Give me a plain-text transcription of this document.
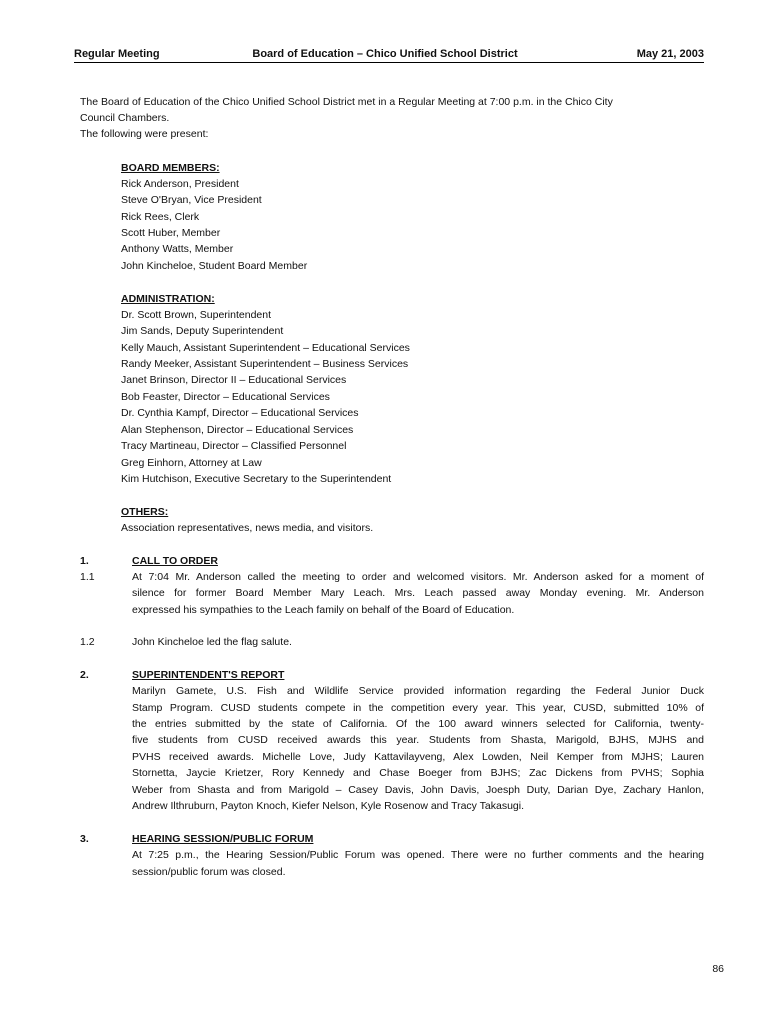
Regular Meeting	Board of Education – Chico Unified School District	May 21, 2003
The Board of Education of the Chico Unified School District met in a Regular Meeting at 7:00 p.m. in the Chico City
Council Chambers.
The following were present:
BOARD MEMBERS:
Rick Anderson, President
Steve O'Bryan, Vice President
Rick Rees, Clerk
Scott Huber, Member
Anthony Watts, Member
John Kincheloe, Student Board Member
ADMINISTRATION:
Dr. Scott Brown, Superintendent
Jim Sands, Deputy Superintendent
Kelly Mauch, Assistant Superintendent – Educational Services
Randy Meeker, Assistant Superintendent – Business Services
Janet Brinson, Director II – Educational Services
Bob Feaster, Director – Educational Services
Dr. Cynthia Kampf, Director – Educational Services
Alan Stephenson, Director – Educational Services
Tracy Martineau, Director – Classified Personnel
Greg Einhorn, Attorney at Law
Kim Hutchison, Executive Secretary to the Superintendent
OTHERS:
Association representatives, news media, and visitors.
1.	CALL TO ORDER
1.1	At 7:04 Mr. Anderson called the meeting to order and welcomed visitors. Mr. Anderson asked for a moment of
silence for former Board Member Mary Leach. Mrs. Leach passed away Monday evening. Mr. Anderson
expressed his sympathies to the Leach family on behalf of the Board of Education.
1.2	John Kincheloe led the flag salute.
2.	SUPERINTENDENT'S REPORT
Marilyn Gamete, U.S. Fish and Wildlife Service provided information regarding the Federal Junior Duck
Stamp Program. CUSD students compete in the competition every year. This year, CUSD, submitted 10% of
the entries submitted by the state of California. Of the 100 award winners selected for California, twenty-
five students from CUSD received awards this year. Students from Shasta, Marigold, BJHS, MJHS and
PVHS received awards. Michelle Love, Judy Kattavilayveng, Alex Lowden, Neil Kemper from MJHS; Lauren
Stornetta, Jaycie Krietzer, Rory Kennedy and Chase Boeger from BJHS; Zac Dickens from PVHS; Sophia
Weber from Shasta and from Marigold – Casey Davis, John Davis, Joesph Duty, Darian Dye, Zachary Hanlon,
Andrew Ilthruburn, Payton Knoch, Kiefer Nelson, Kyle Rosenow and Tracy Takasugi.
3.	HEARING SESSION/PUBLIC FORUM
At 7:25 p.m., the Hearing Session/Public Forum was opened. There were no further comments and the hearing
session/public forum was closed.
86
